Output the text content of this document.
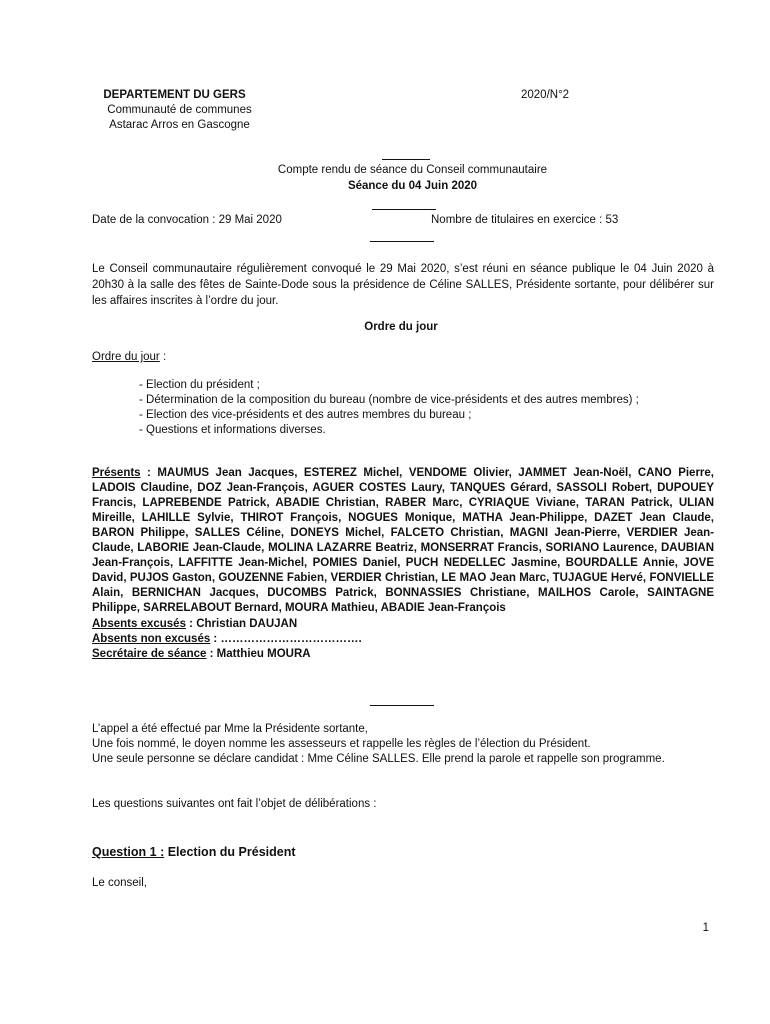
DEPARTEMENT DU GERS
Communauté de communes
Astarac Arros en Gascogne
2020/N°2
Compte rendu de séance du Conseil communautaire
Séance du 04 Juin 2020
Date de la convocation : 29 Mai 2020	Nombre de titulaires en exercice : 53
Le Conseil communautaire régulièrement convoqué le 29 Mai 2020, s’est réuni en séance publique le 04 Juin 2020 à 20h30 à la salle des fêtes de Sainte-Dode sous la présidence de Céline SALLES, Présidente sortante, pour délibérer sur les affaires inscrites à l’ordre du jour.
Ordre du jour
Ordre du jour :
- Election du président ;
- Détermination de la composition du bureau (nombre de vice-présidents et des autres membres) ;
- Election des vice-présidents et des autres membres du bureau ;
- Questions et informations diverses.
Présents : MAUMUS Jean Jacques, ESTEREZ Michel, VENDOME Olivier, JAMMET Jean-Noël, CANO Pierre, LADOIS Claudine, DOZ Jean-François, AGUER COSTES Laury, TANQUES Gérard, SASSOLI Robert, DUPOUEY Francis, LAPREBENDE Patrick, ABADIE Christian, RABER Marc, CYRIAQUE Viviane, TARAN Patrick, ULIAN Mireille, LAHILLE Sylvie, THIROT François, NOGUES Monique, MATHA Jean-Philippe, DAZET Jean Claude, BARON Philippe, SALLES Céline, DONEYS Michel, FALCETO Christian, MAGNI Jean-Pierre, VERDIER Jean-Claude, LABORIE Jean-Claude, MOLINA LAZARRE Beatriz, MONSERRAT Francis, SORIANO Laurence, DAUBIAN Jean-François, LAFFITTE Jean-Michel, POMIES Daniel, PUCH NEDELLEC Jasmine, BOURDALLE Annie, JOVE David, PUJOS Gaston, GOUZENNE Fabien, VERDIER Christian, LE MAO Jean Marc, TUJAGUE Hervé, FONVIELLE Alain, BERNICHAN Jacques, DUCOMBS Patrick, BONNASSIES Christiane, MAILHOS Carole, SAINTAGNE Philippe, SARRELABOUT Bernard, MOURA Mathieu, ABADIE Jean-François
Absents excusés : Christian DAUJAN
Absents non excusés : ……………………………….
Secrétaire de séance : Matthieu MOURA
L’appel a été effectué par Mme la Présidente sortante,
Une fois nommé, le doyen nomme les assesseurs et rappelle les règles de l’élection du Président.
Une seule personne se déclare candidat : Mme Céline SALLES. Elle prend la parole et rappelle son programme.
Les questions suivantes ont fait l’objet de délibérations :
Question 1 : Election du Président
Le conseil,
1
